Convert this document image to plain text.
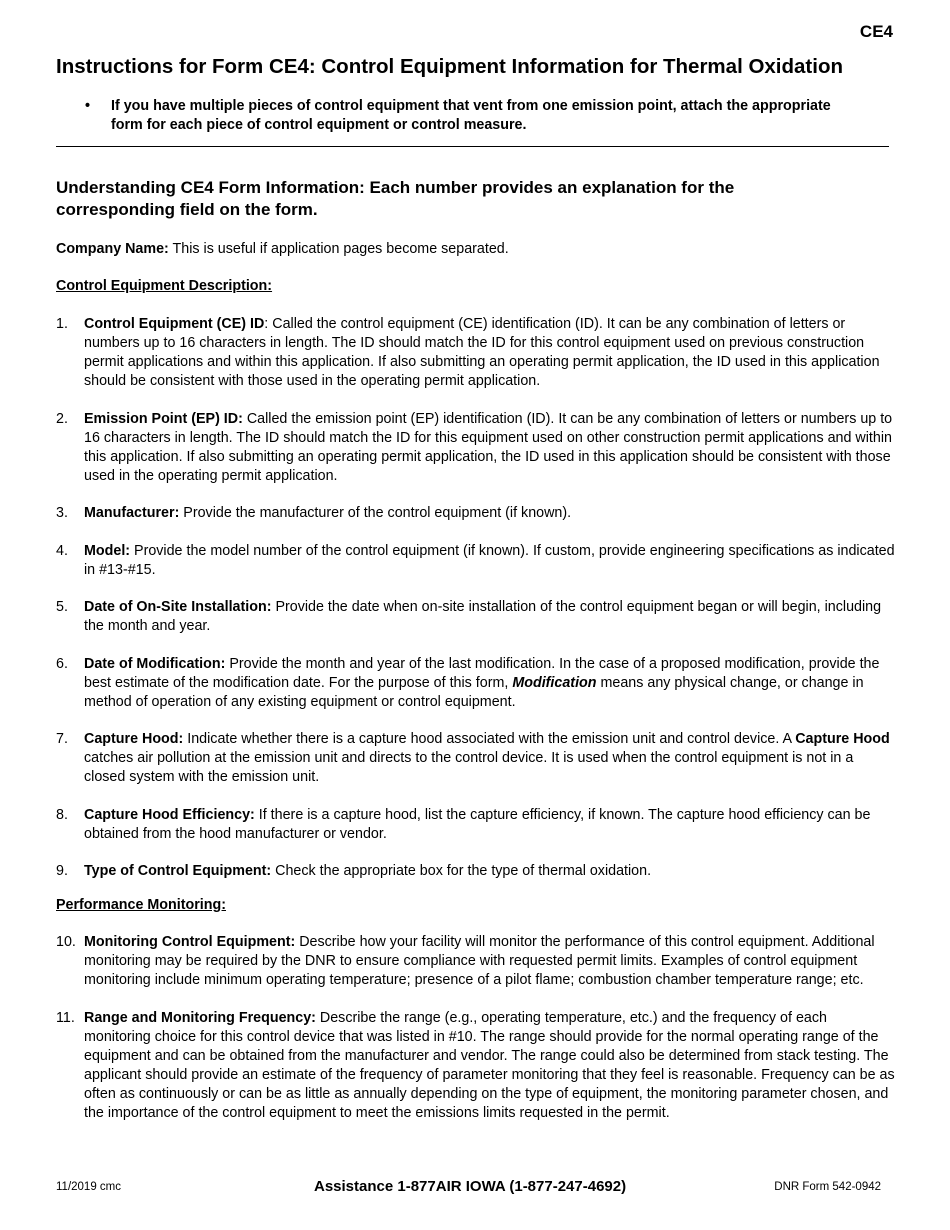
CE4
Instructions for Form CE4: Control Equipment Information for Thermal Oxidation
• If you have multiple pieces of control equipment that vent from one emission point, attach the appropriate form for each piece of control equipment or control measure.
Understanding CE4 Form Information: Each number provides an explanation for the corresponding field on the form.
Company Name: This is useful if application pages become separated.
Control Equipment Description:
1. Control Equipment (CE) ID: Called the control equipment (CE) identification (ID). It can be any combination of letters or numbers up to 16 characters in length. The ID should match the ID for this control equipment used on previous construction permit applications and within this application. If also submitting an operating permit application, the ID used in this application should be consistent with those used in the operating permit application.
2. Emission Point (EP) ID: Called the emission point (EP) identification (ID). It can be any combination of letters or numbers up to 16 characters in length. The ID should match the ID for this equipment used on other construction permit applications and within this application. If also submitting an operating permit application, the ID used in this application should be consistent with those used in the operating permit application.
3. Manufacturer: Provide the manufacturer of the control equipment (if known).
4. Model: Provide the model number of the control equipment (if known). If custom, provide engineering specifications as indicated in #13-#15.
5. Date of On-Site Installation: Provide the date when on-site installation of the control equipment began or will begin, including the month and year.
6. Date of Modification: Provide the month and year of the last modification. In the case of a proposed modification, provide the best estimate of the modification date. For the purpose of this form, Modification means any physical change, or change in method of operation of any existing equipment or control equipment.
7. Capture Hood: Indicate whether there is a capture hood associated with the emission unit and control device. A Capture Hood catches air pollution at the emission unit and directs to the control device. It is used when the control equipment is not in a closed system with the emission unit.
8. Capture Hood Efficiency: If there is a capture hood, list the capture efficiency, if known. The capture hood efficiency can be obtained from the hood manufacturer or vendor.
9. Type of Control Equipment: Check the appropriate box for the type of thermal oxidation.
Performance Monitoring:
10. Monitoring Control Equipment: Describe how your facility will monitor the performance of this control equipment. Additional monitoring may be required by the DNR to ensure compliance with requested permit limits. Examples of control equipment monitoring include minimum operating temperature; presence of a pilot flame; combustion chamber temperature range; etc.
11. Range and Monitoring Frequency: Describe the range (e.g., operating temperature, etc.) and the frequency of each monitoring choice for this control device that was listed in #10. The range should provide for the normal operating range of the equipment and can be obtained from the manufacturer and vendor. The range could also be determined from stack testing. The applicant should provide an estimate of the frequency of parameter monitoring that they feel is reasonable. Frequency can be as often as continuously or can be as little as annually depending on the type of equipment, the monitoring parameter chosen, and the importance of the control equipment to meet the emissions limits requested in the permit.
11/2019 cmc	Assistance 1-877AIR IOWA (1-877-247-4692)	DNR Form 542-0942
